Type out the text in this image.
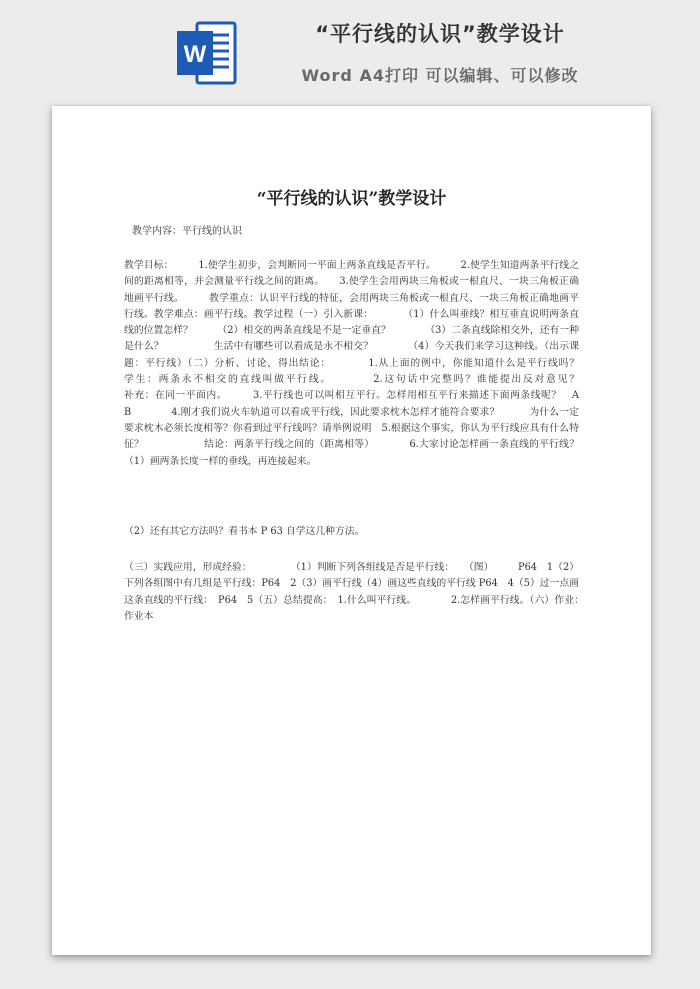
W
“平行线的认识”教学设计
Word A4打印 可以编辑、可以修改
“平行线的认识”教学设计
教学内容：平行线的认识
教学目标：　　　1.使学生初步，会判断同一平面上两条直线是否平行。　　　2.使学生知道两条平行线之间的距离相等，并会测量平行线之间的距离。　　3.使学生会用两块三角板或一根直尺、一块三角板正确地画平行线。　　　教学重点：认识平行线的特征，会用两块三角板或一根直尺、一块三角板正确地画平行线。教学难点：画平行线。教学过程（一）引入新课：　　　　（1）什么叫垂线？相互垂直说明两条直线的位置怎样？　　　（2）相交的两条直线是不是一定垂直？　　　　（3）二条直线除相交外，还有一种是什么？　　　　　生活中有哪些可以看成是永不相交？　　　　（4）今天我们来学习这种线。（出示课题：平行线）（二）分析、讨论，得出结论：　　　　1.从上面的例中，你能知道什么是平行线吗？　　　　　　　学生：两条永不相交的直线叫做平行线。　　　　2.这句话中完整吗？谁能提出反对意见？　　　　　　补充：在同一平面内。　　　3.平行线也可以叫相互平行。怎样用相互平行来描述下面两条线呢？　A　　B　　　　4.刚才我们说火车轨道可以看成平行线，因此要求枕木怎样才能符合要求？　　　为什么一定要求枕木必须长度相等？你看到过平行线吗？请举例说明　5.根据这个事实，你认为平行线应具有什么特征？　　　　　　结论：两条平行线之间的（距离相等）　　　　6.大家讨论怎样画一条直线的平行线？　　　　　　　（1）画两条长度一样的垂线，再连接起来。
（2）还有其它方法吗？看书本 P 63 自学这几种方法。
（三）实践应用，形成经验：　　　　　（1）判断下列各组线是否是平行线：　　（图）　　　P64　1（2）下列各组图中有几组是平行线：P64　2（3）画平行线（4）画这些直线的平行线 P64　4（5）过一点画这条直线的平行线：　P64　5（五）总结提高：　1.什么叫平行线。　　　　2.怎样画平行线。（六）作业：　　　　作业本
